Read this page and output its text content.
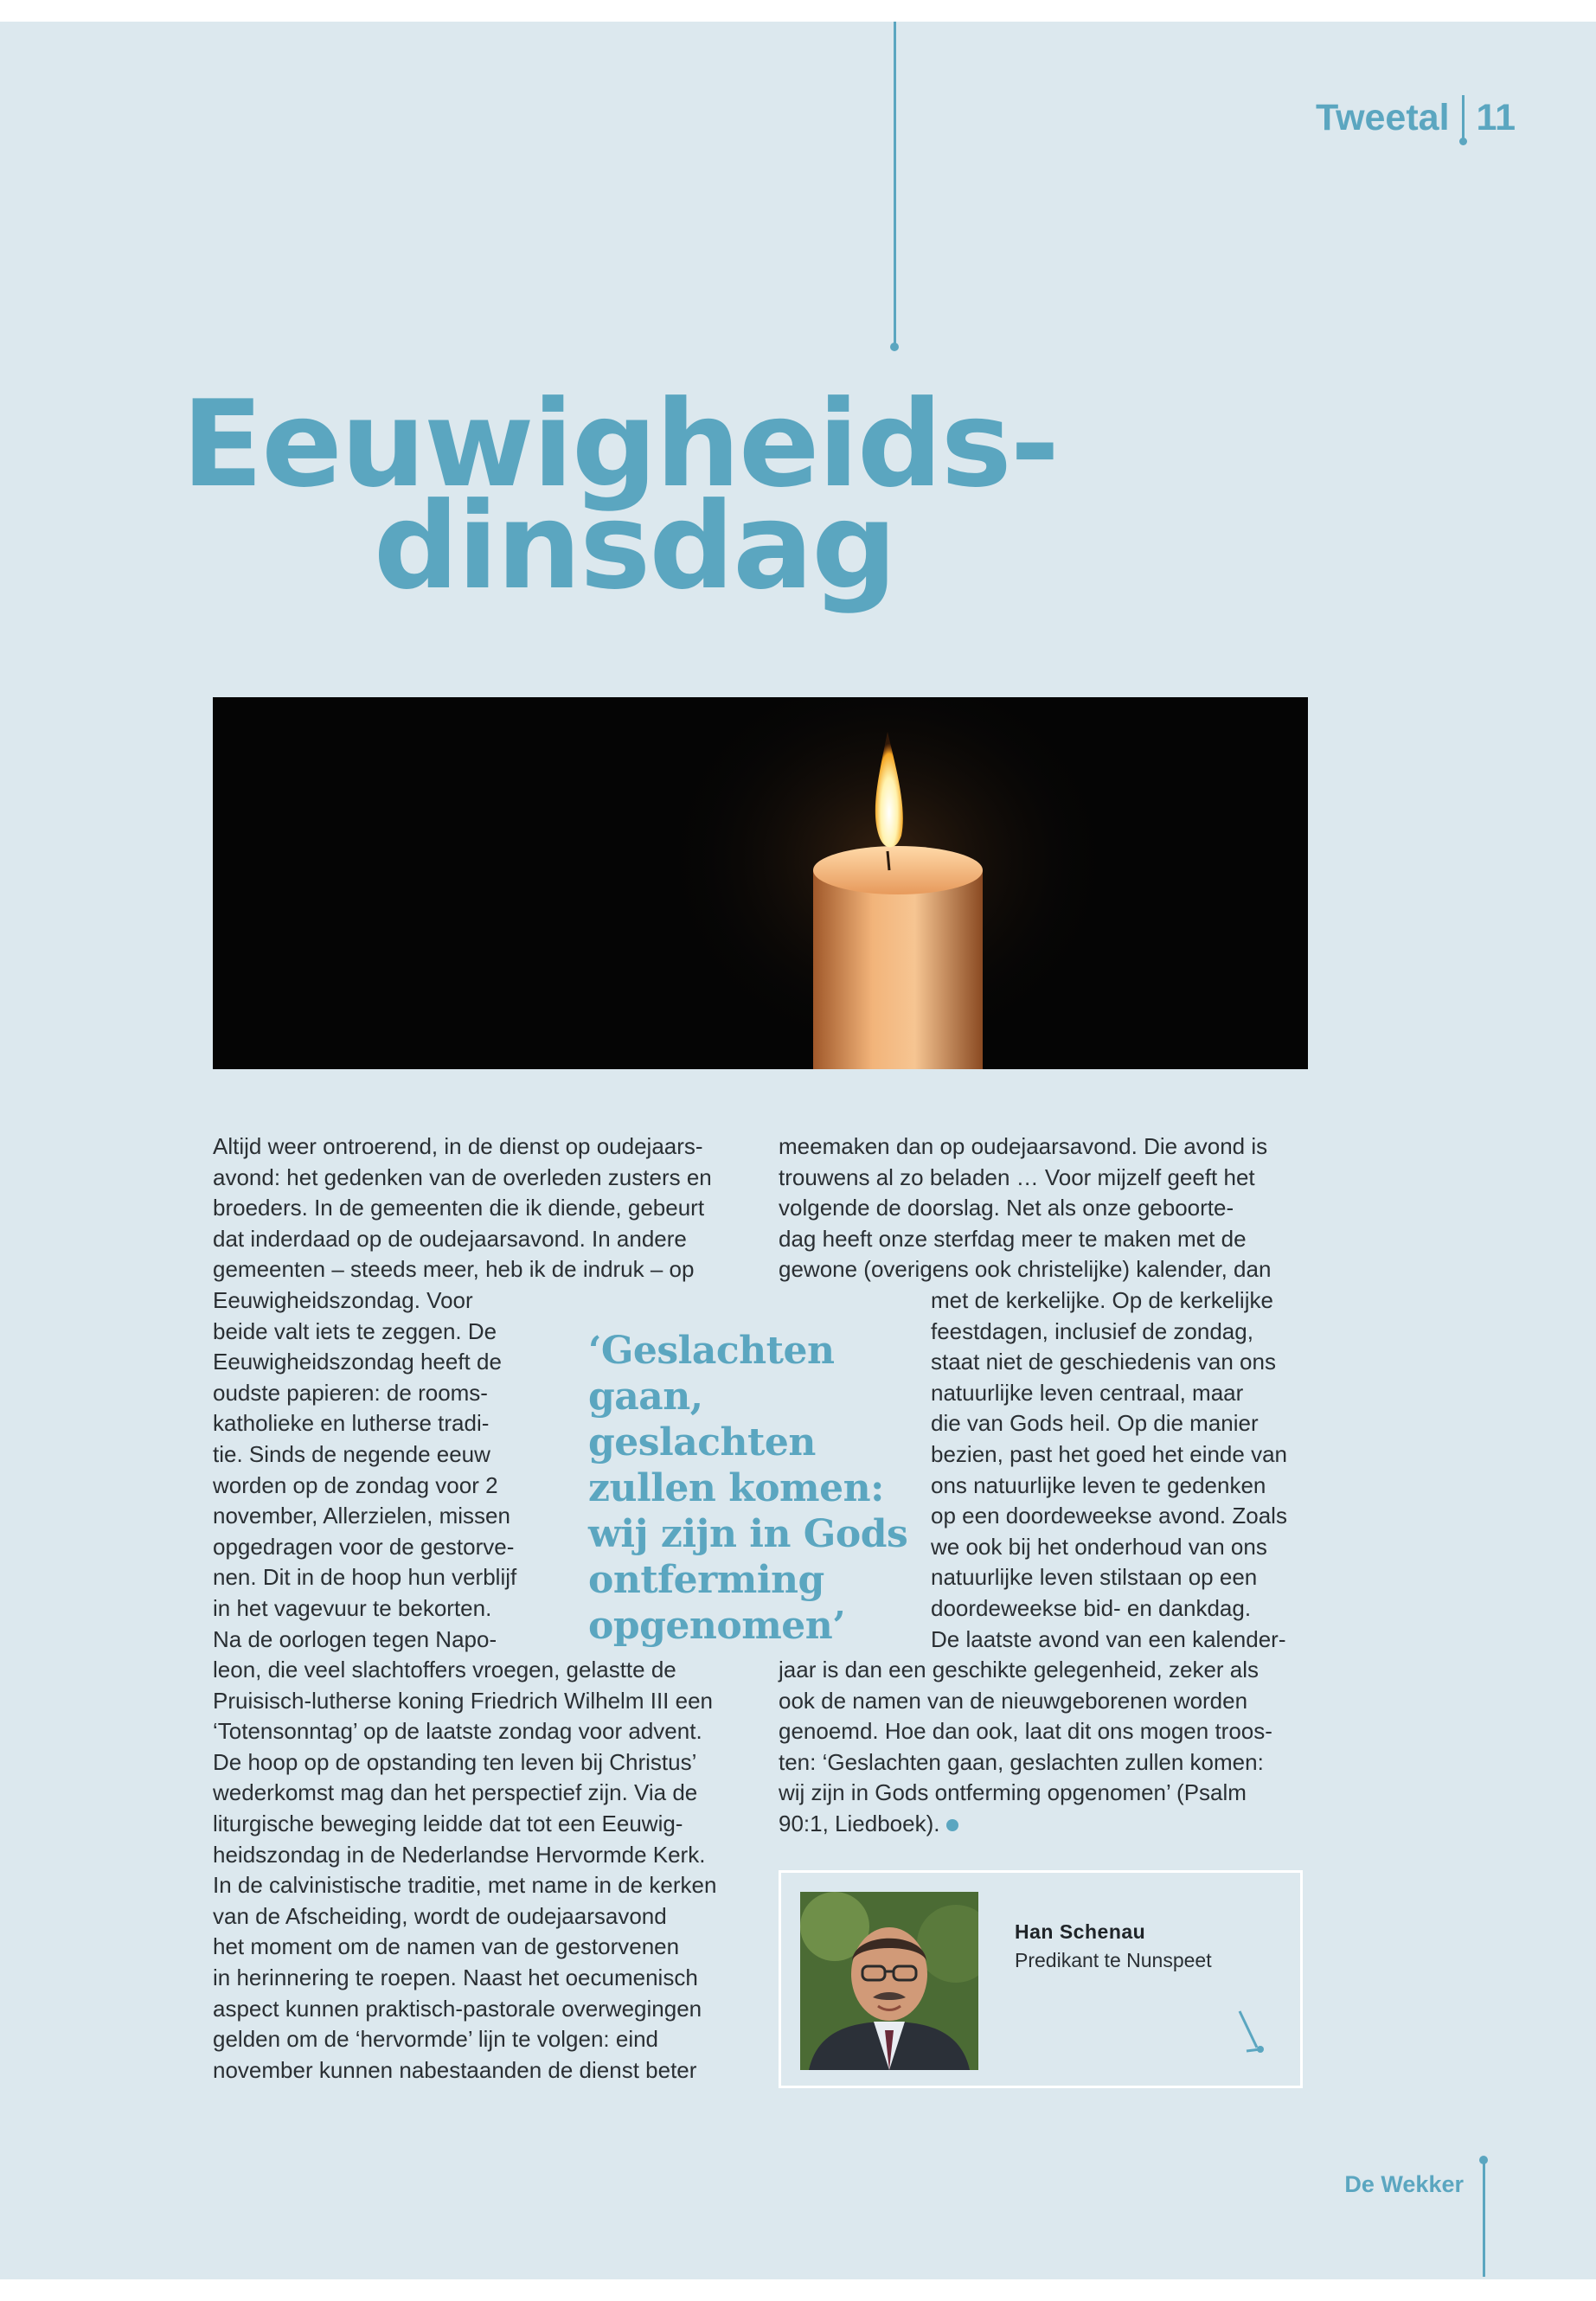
Tweetal 11
Eeuwigheids-
dinsdag
Altijd weer ontroerend, in de dienst op oudejaars-
avond: het gedenken van de overleden zusters en
broeders. In de gemeenten die ik diende, gebeurt
dat inderdaad op de oudejaarsavond. In andere
gemeenten – steeds meer, heb ik de indruk – op
Eeuwigheidszondag. Voor
beide valt iets te zeggen. De
Eeuwigheidszondag heeft de
oudste papieren: de rooms-
katholieke en lutherse tradi-
tie. Sinds de negende eeuw
worden op de zondag voor 2
november, Allerzielen, missen
opgedragen voor de gestorve-
nen. Dit in de hoop hun verblijf
in het vagevuur te bekorten.
Na de oorlogen tegen Napo-
leon, die veel slachtoffers vroegen, gelastte de
Pruisisch-lutherse koning Friedrich Wilhelm III een
‘Totensonntag’ op de laatste zondag voor advent.
De hoop op de opstanding ten leven bij Christus’
wederkomst mag dan het perspectief zijn. Via de
liturgische beweging leidde dat tot een Eeuwig-
heidszondag in de Nederlandse Hervormde Kerk.
In de calvinistische traditie, met name in de kerken
van de Afscheiding, wordt de oudejaarsavond
het moment om de namen van de gestorvenen
in herinnering te roepen. Naast het oecumenisch
aspect kunnen praktisch-pastorale overwegingen
gelden om de ‘hervormde’ lijn te volgen: eind
november kunnen nabestaanden de dienst beter
meemaken dan op oudejaarsavond. Die avond is
trouwens al zo beladen … Voor mijzelf geeft het
volgende de doorslag. Net als onze geboorte-
dag heeft onze sterfdag meer te maken met de
gewone (overigens ook christelijke) kalender, dan
met de kerkelijke. Op de kerkelijke
feestdagen, inclusief de zondag,
staat niet de geschiedenis van ons
natuurlijke leven centraal, maar
die van Gods heil. Op die manier
bezien, past het goed het einde van
ons natuurlijke leven te gedenken
op een doordeweekse avond. Zoals
we ook bij het onderhoud van ons
natuurlijke leven stilstaan op een
doordeweekse bid- en dankdag.
De laatste avond van een kalender-
jaar is dan een geschikte gelegenheid, zeker als
ook de namen van de nieuwgeborenen worden
genoemd. Hoe dan ook, laat dit ons mogen troos-
ten: ‘Geslachten gaan, geslachten zullen komen:
wij zijn in Gods ontferming opgenomen’ (Psalm
90:1, Liedboek).
‘Geslachten
gaan, geslachten
zullen komen:
wij zijn in Gods
ontferming
opgenomen’
Han Schenau
Predikant te Nunspeet
De Wekker
